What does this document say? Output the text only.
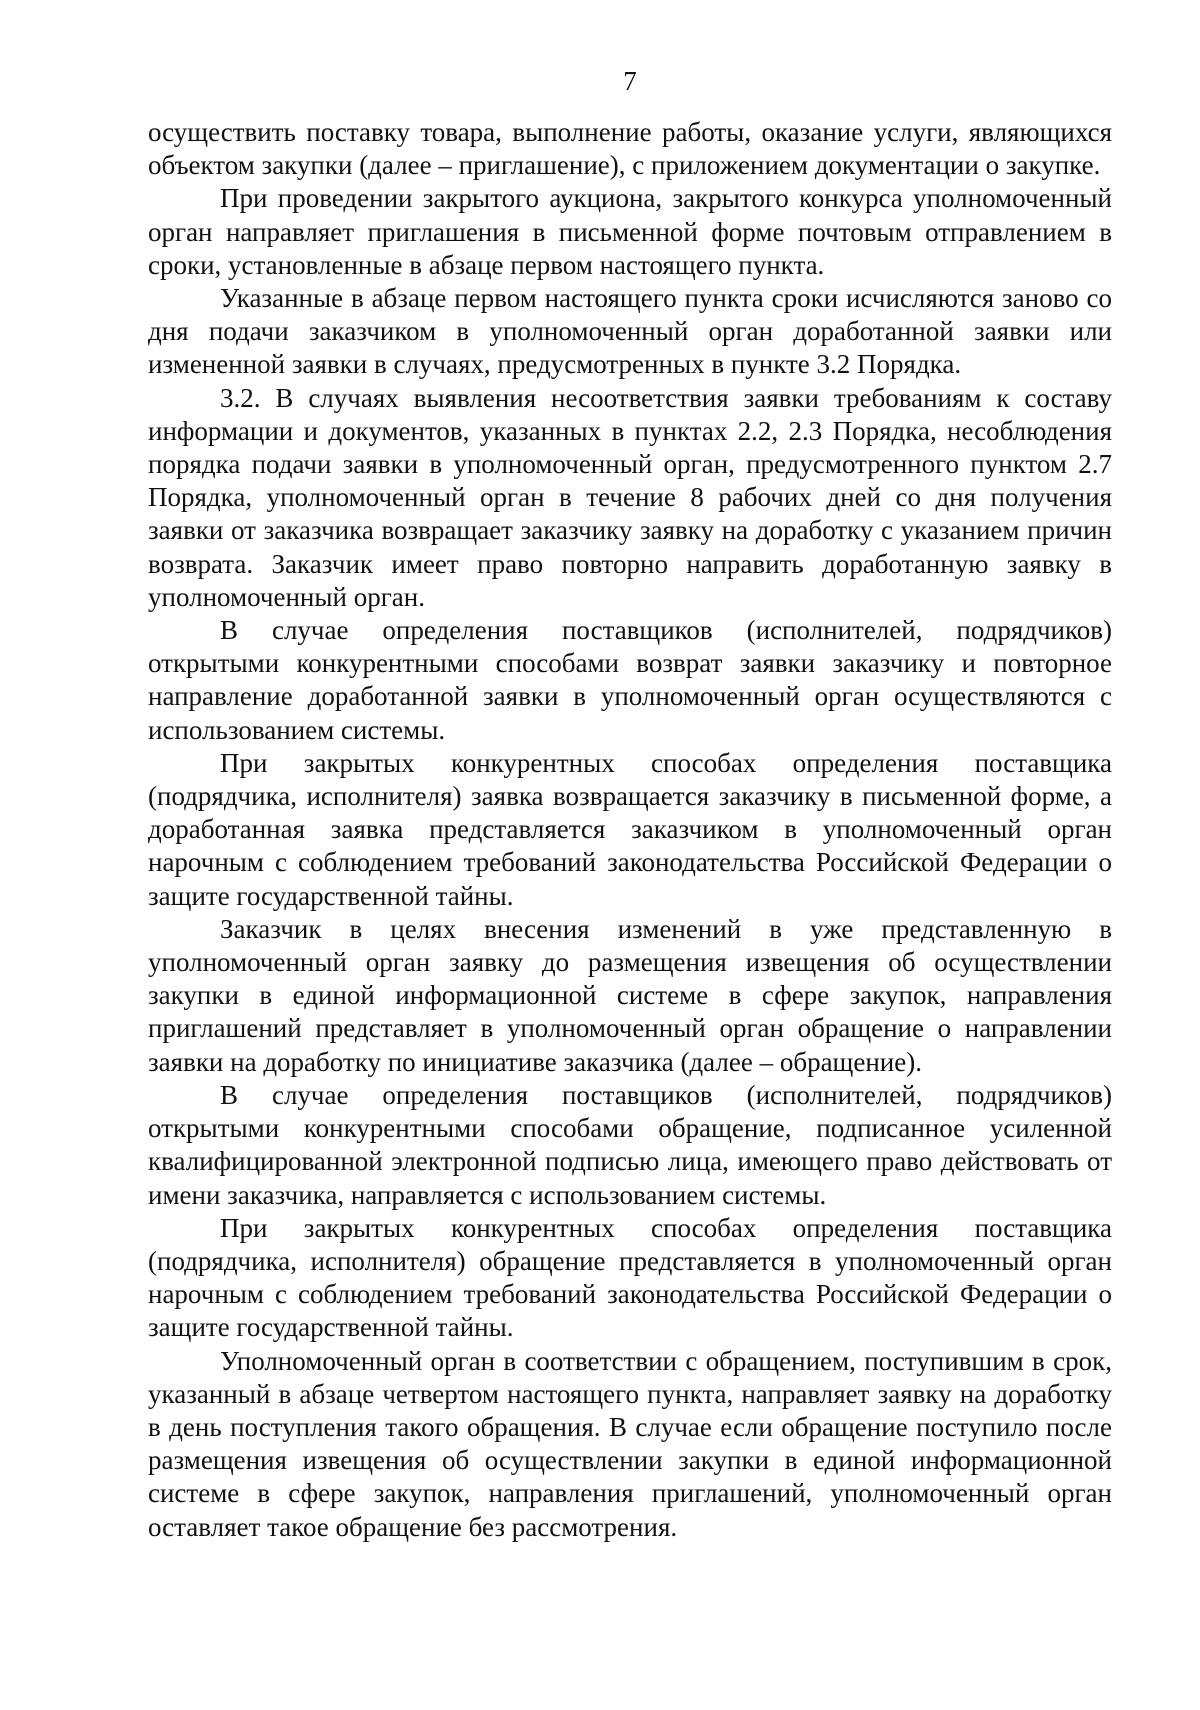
7

осуществить поставку товара, выполнение работы, оказание услуги, являющихся объектом закупки (далее – приглашение), с приложением документации о закупке.

При проведении закрытого аукциона, закрытого конкурса уполномоченный орган направляет приглашения в письменной форме почтовым отправлением в сроки, установленные в абзаце первом настоящего пункта.

Указанные в абзаце первом настоящего пункта сроки исчисляются заново со дня подачи заказчиком в уполномоченный орган доработанной заявки или измененной заявки в случаях, предусмотренных в пункте 3.2 Порядка.

3.2. В случаях выявления несоответствия заявки требованиям к составу информации и документов, указанных в пунктах 2.2, 2.3 Порядка, несоблюдения порядка подачи заявки в уполномоченный орган, предусмотренного пунктом 2.7 Порядка, уполномоченный орган в течение 8 рабочих дней со дня получения заявки от заказчика возвращает заказчику заявку на доработку с указанием причин возврата. Заказчик имеет право повторно направить доработанную заявку в уполномоченный орган.

В случае определения поставщиков (исполнителей, подрядчиков) открытыми конкурентными способами возврат заявки заказчику и повторное направление доработанной заявки в уполномоченный орган осуществляются с использованием системы.

При закрытых конкурентных способах определения поставщика (подрядчика, исполнителя) заявка возвращается заказчику в письменной форме, а доработанная заявка представляется заказчиком в уполномоченный орган нарочным с соблюдением требований законодательства Российской Федерации о защите государственной тайны.

Заказчик в целях внесения изменений в уже представленную в уполномоченный орган заявку до размещения извещения об осуществлении закупки в единой информационной системе в сфере закупок, направления приглашений представляет в уполномоченный орган обращение о направлении заявки на доработку по инициативе заказчика (далее – обращение).

В случае определения поставщиков (исполнителей, подрядчиков) открытыми конкурентными способами обращение, подписанное усиленной квалифицированной электронной подписью лица, имеющего право действовать от имени заказчика, направляется с использованием системы.

При закрытых конкурентных способах определения поставщика (подрядчика, исполнителя) обращение представляется в уполномоченный орган нарочным с соблюдением требований законодательства Российской Федерации о защите государственной тайны.

Уполномоченный орган в соответствии с обращением, поступившим в срок, указанный в абзаце четвертом настоящего пункта, направляет заявку на доработку в день поступления такого обращения. В случае если обращение поступило после размещения извещения об осуществлении закупки в единой информационной системе в сфере закупок, направления приглашений, уполномоченный орган оставляет такое обращение без рассмотрения.
